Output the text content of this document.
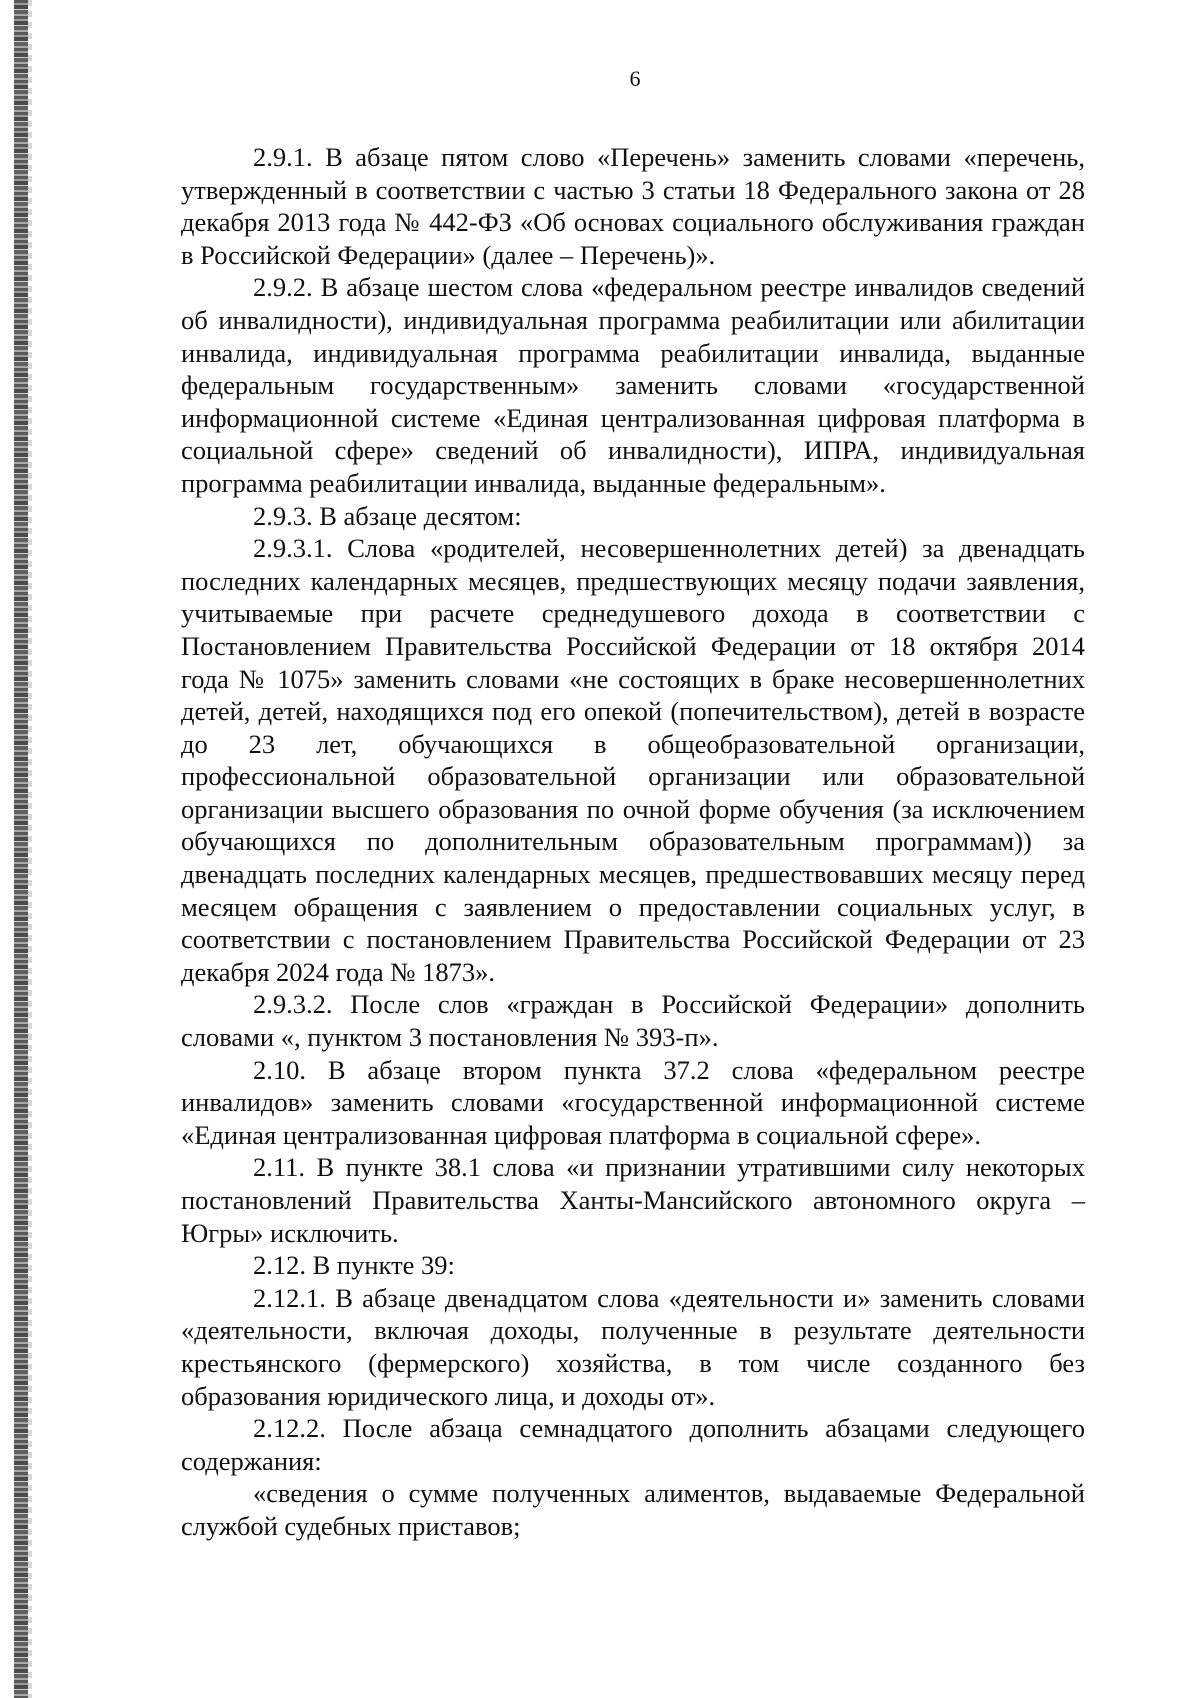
6

2.9.1. В абзаце пятом слово «Перечень» заменить словами «перечень, утвержденный в соответствии с частью 3 статьи 18 Федерального закона от 28 декабря 2013 года № 442-ФЗ «Об основах социального обслуживания граждан в Российской Федерации» (далее – Перечень)».

2.9.2. В абзаце шестом слова «федеральном реестре инвалидов сведений об инвалидности), индивидуальная программа реабилитации или абилитации инвалида, индивидуальная программа реабилитации инвалида, выданные федеральным государственным» заменить словами «государственной информационной системе «Единая централизованная цифровая платформа в социальной сфере» сведений об инвалидности), ИПРА, индивидуальная программа реабилитации инвалида, выданные федеральным».

2.9.3. В абзаце десятом:

2.9.3.1. Слова «родителей, несовершеннолетних детей) за двенадцать последних календарных месяцев, предшествующих месяцу подачи заявления, учитываемые при расчете среднедушевого дохода в соответствии с Постановлением Правительства Российской Федерации от 18 октября 2014 года № 1075» заменить словами «не состоящих в браке несовершеннолетних детей, детей, находящихся под его опекой (попечительством), детей в возрасте до 23 лет, обучающихся в общеобразовательной организации, профессиональной образовательной организации или образовательной организации высшего образования по очной форме обучения (за исключением обучающихся по дополнительным образовательным программам)) за двенадцать последних календарных месяцев, предшествовавших месяцу перед месяцем обращения с заявлением о предоставлении социальных услуг, в соответствии с постановлением Правительства Российской Федерации от 23 декабря 2024 года № 1873».

2.9.3.2. После слов «граждан в Российской Федерации» дополнить словами «, пунктом 3 постановления № 393-п».

2.10. В абзаце втором пункта 37.2 слова «федеральном реестре инвалидов» заменить словами «государственной информационной системе «Единая централизованная цифровая платформа в социальной сфере».

2.11. В пункте 38.1 слова «и признании утратившими силу некоторых постановлений Правительства Ханты-Мансийского автономного округа – Югры» исключить.

2.12. В пункте 39:

2.12.1. В абзаце двенадцатом слова «деятельности и» заменить словами «деятельности, включая доходы, полученные в результате деятельности крестьянского (фермерского) хозяйства, в том числе созданного без образования юридического лица, и доходы от».

2.12.2. После абзаца семнадцатого дополнить абзацами следующего содержания:

«сведения о сумме полученных алиментов, выдаваемые Федеральной службой судебных приставов;
